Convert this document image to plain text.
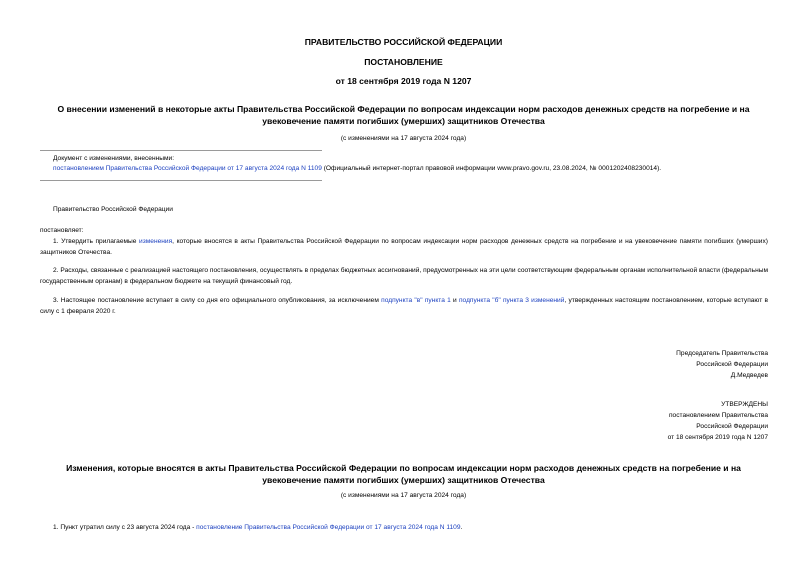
ПРАВИТЕЛЬСТВО РОССИЙСКОЙ ФЕДЕРАЦИИ
ПОСТАНОВЛЕНИЕ
от 18 сентября 2019 года N 1207
О внесении изменений в некоторые акты Правительства Российской Федерации по вопросам индексации норм расходов денежных средств на погребение и на увековечение памяти погибших (умерших) защитников Отечества
(с изменениями на 17 августа 2024 года)
Документ с изменениями, внесенными:
постановлением Правительства Российской Федерации от 17 августа 2024 года N 1109 (Официальный интернет-портал правовой информации www.pravo.gov.ru, 23.08.2024, № 0001202408230014).
Правительство Российской Федерации
постановляет:
1. Утвердить прилагаемые изменения, которые вносятся в акты Правительства Российской Федерации по вопросам индексации норм расходов денежных средств на погребение и на увековечение памяти погибших (умерших) защитников Отечества.
2. Расходы, связанные с реализацией настоящего постановления, осуществлять в пределах бюджетных ассигнований, предусмотренных на эти цели соответствующим федеральным органам исполнительной власти (федеральным государственным органам) в федеральном бюджете на текущий финансовый год.
3. Настоящее постановление вступает в силу со дня его официального опубликования, за исключением подпункта "в" пункта 1 и подпункта "б" пункта 3 изменений, утвержденных настоящим постановлением, которые вступают в силу с 1 февраля 2020 г.
Председатель Правительства
Российской Федерации
Д.Медведев
УТВЕРЖДЕНЫ
постановлением Правительства
Российской Федерации
от 18 сентября 2019 года N 1207
Изменения, которые вносятся в акты Правительства Российской Федерации по вопросам индексации норм расходов денежных средств на погребение и на увековечение памяти погибших (умерших) защитников Отечества
(с изменениями на 17 августа 2024 года)
1. Пункт утратил силу с 23 августа 2024 года - постановление Правительства Российской Федерации от 17 августа 2024 года N 1109.
